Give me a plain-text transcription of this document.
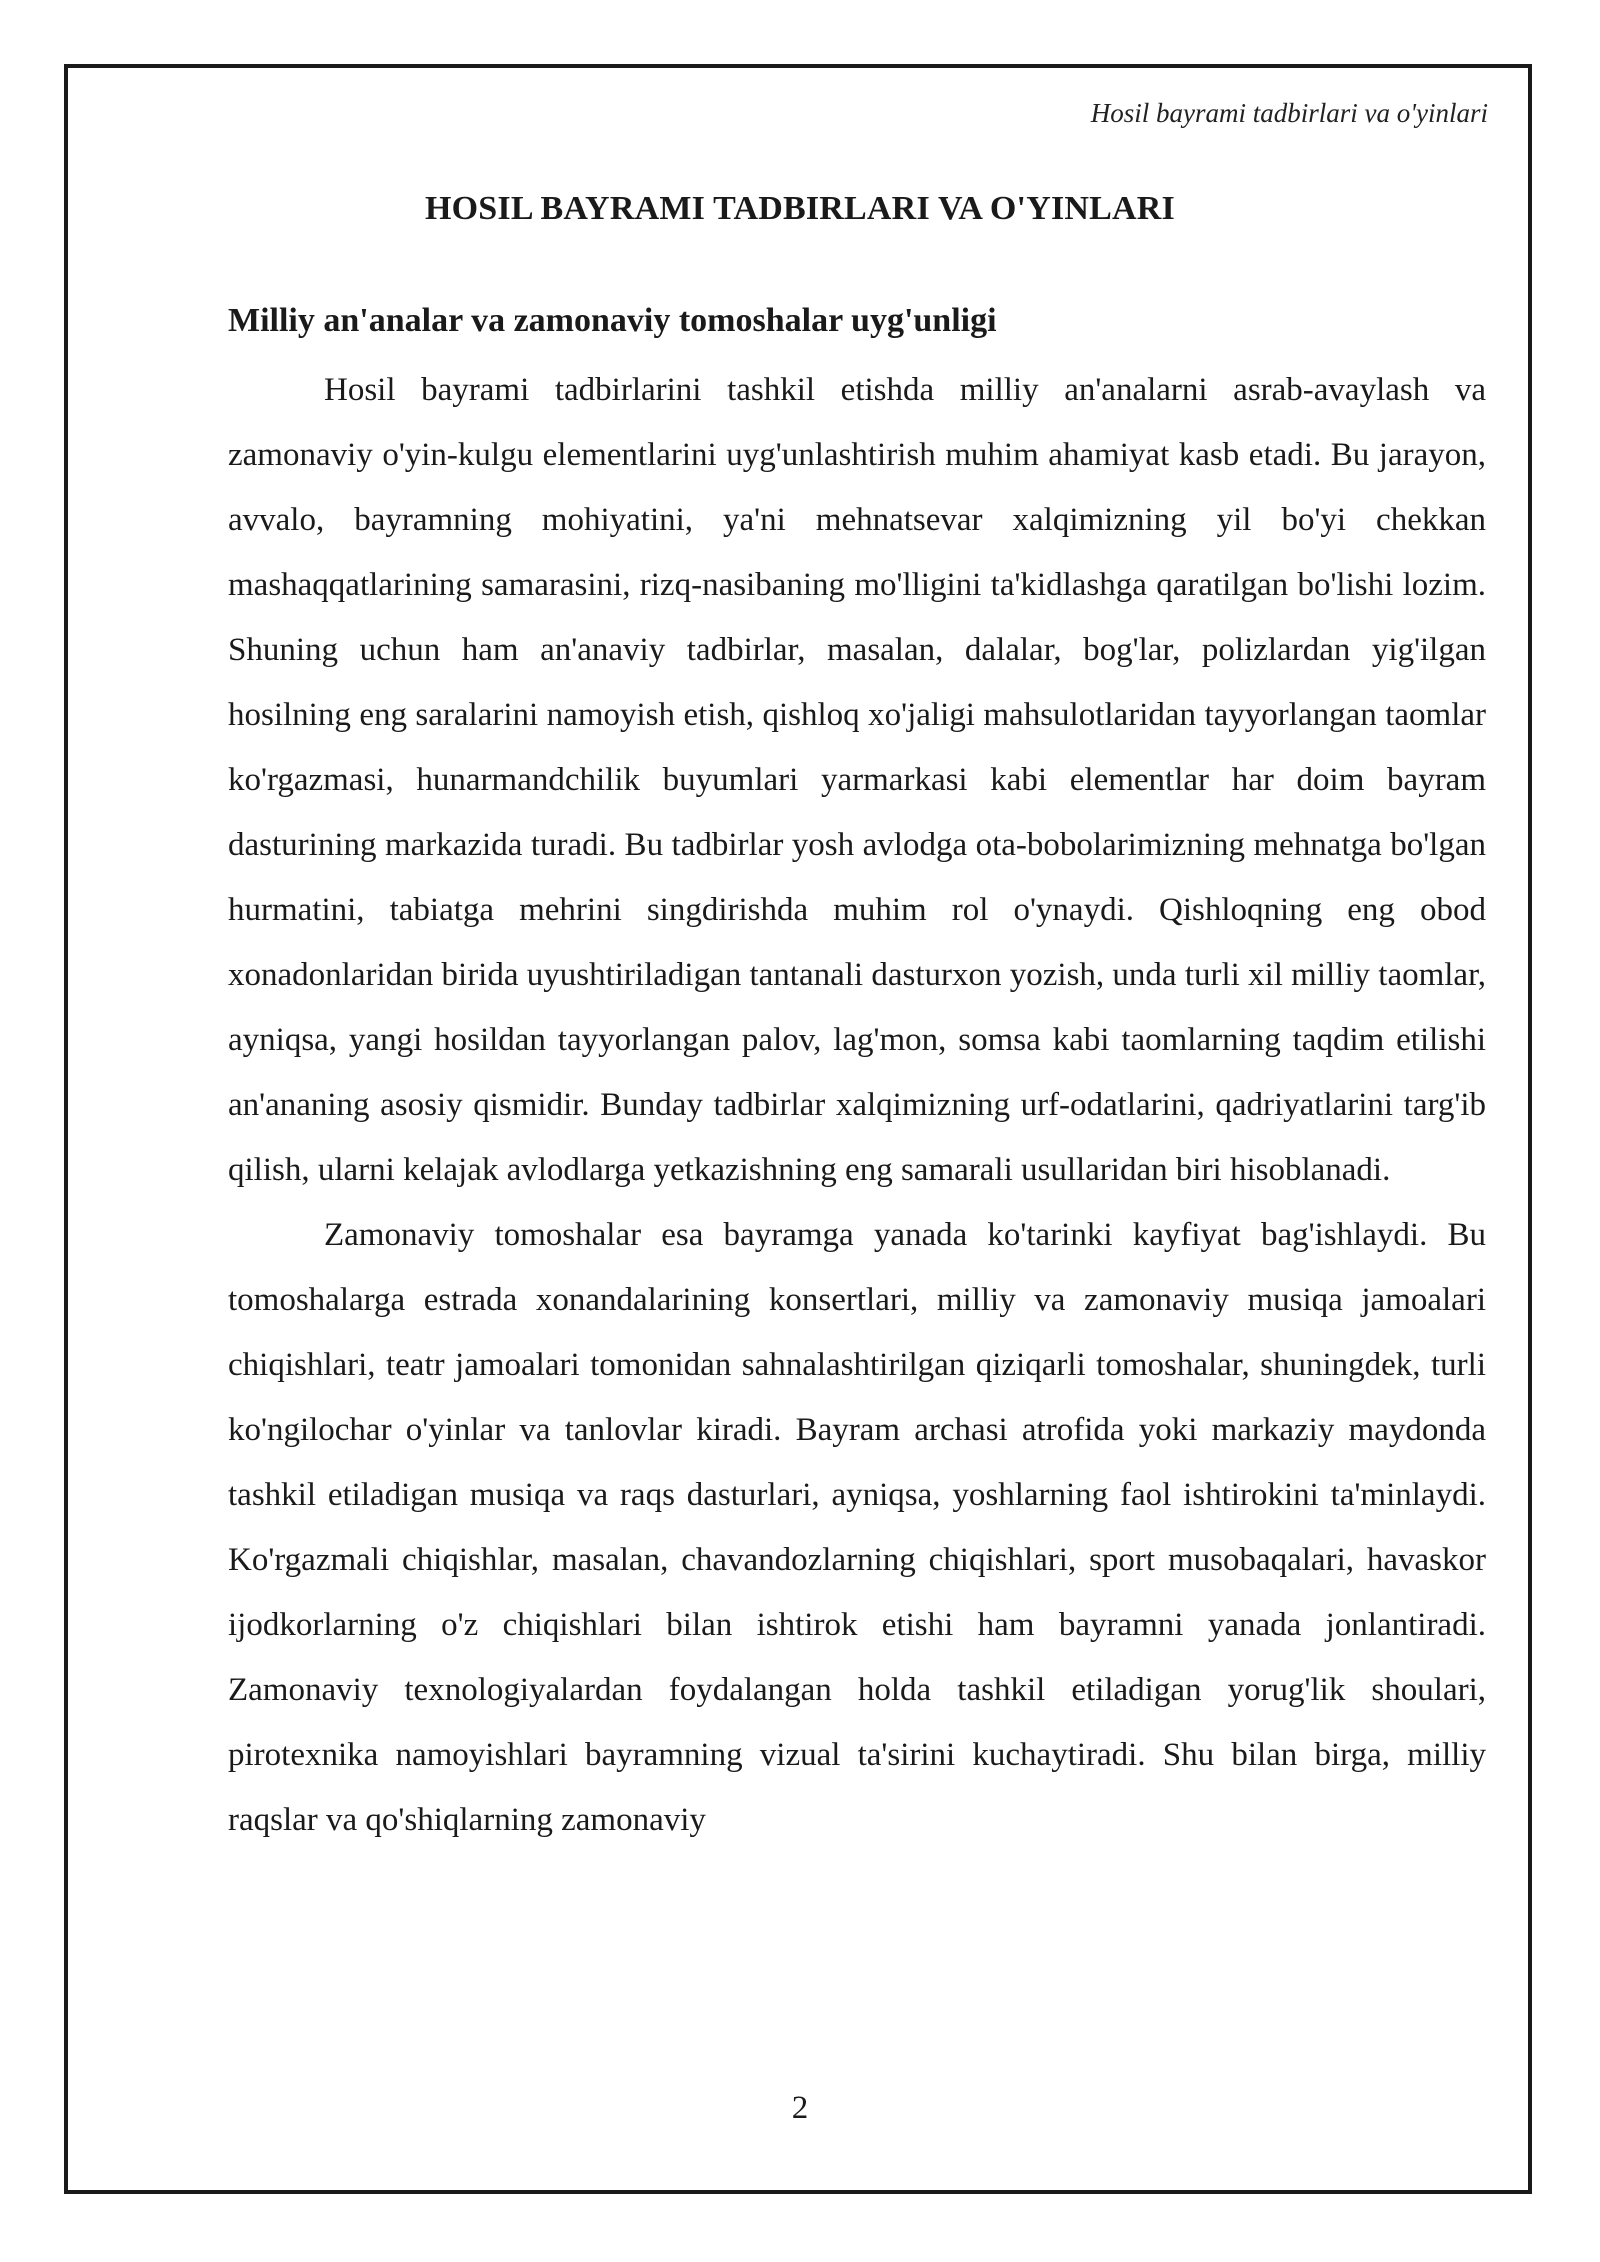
Hosil bayrami tadbirlari va o'yinlari
HOSIL BAYRAMI TADBIRLARI VA O'YINLARI
Milliy an'analar va zamonaviy tomoshalar uyg'unligi

Hosil bayrami tadbirlarini tashkil etishda milliy an'analarni asrab-avaylash va zamonaviy o'yin-kulgu elementlarini uyg'unlashtirish muhim ahamiyat kasb etadi. Bu jarayon, avvalo, bayramning mohiyatini, ya'ni mehnatsevar xalqimizning yil bo'yi chekkan mashaqqatlarining samarasini, rizq-nasibaning mo'lligini ta'kidlashga qaratilgan bo'lishi lozim. Shuning uchun ham an'anaviy tadbirlar, masalan, dalalar, bog'lar, polizlardan yig'ilgan hosilning eng saralarini namoyish etish, qishloq xo'jaligi mahsulotlaridan tayyorlangan taomlar ko'rgazmasi, hunarmandchilik buyumlari yarmarkasi kabi elementlar har doim bayram dasturining markazida turadi. Bu tadbirlar yosh avlodga ota-bobolarimizning mehnatga bo'lgan hurmatini, tabiatga mehrini singdirishda muhim rol o'ynaydi. Qishloqning eng obod xonadonlaridan birida uyushtiriladigan tantanali dasturxon yozish, unda turli xil milliy taomlar, ayniqsa, yangi hosildan tayyorlangan palov, lag'mon, somsa kabi taomlarning taqdim etilishi an'ananing asosiy qismidir. Bunday tadbirlar xalqimizning urf-odatlarini, qadriyatlarini targ'ib qilish, ularni kelajak avlodlarga yetkazishning eng samarali usullaridan biri hisoblanadi.

Zamonaviy tomoshalar esa bayramga yanada ko'tarinki kayfiyat bag'ishlaydi. Bu tomoshalarga estrada xonandalarining konsertlari, milliy va zamonaviy musiqa jamoalari chiqishlari, teatr jamoalari tomonidan sahnalashtirilgan qiziqarli tomoshalar, shuningdek, turli ko'ngilochar o'yinlar va tanlovlar kiradi. Bayram archasi atrofida yoki markaziy maydonda tashkil etiladigan musiqa va raqs dasturlari, ayniqsa, yoshlarning faol ishtirokini ta'minlaydi. Ko'rgazmali chiqishlar, masalan, chavandozlarning chiqishlari, sport musobaqalari, havaskor ijodkorlarning o'z chiqishlari bilan ishtirok etishi ham bayramni yanada jonlantiradi. Zamonaviy texnologiyalardan foydalangan holda tashkil etiladigan yorug'lik shoulari, pirotexnika namoyishlari bayramning vizual ta'sirini kuchaytiradi. Shu bilan birga, milliy raqslar va qo'shiqlarning zamonaviy

2
